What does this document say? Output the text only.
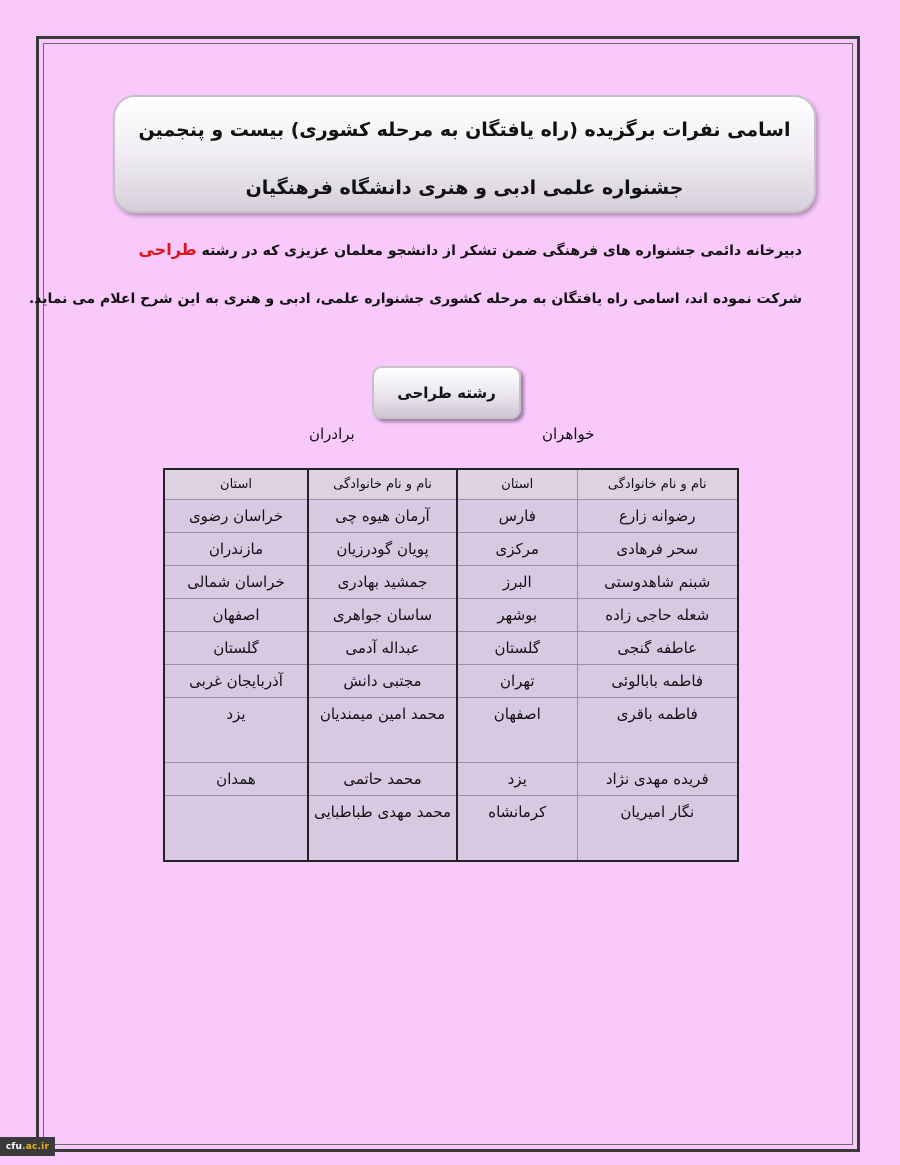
اسامی نفرات برگزیده (راه یافتگان به مرحله کشوری) بیست و پنجمین
جشنواره علمی ادبی و هنری دانشگاه فرهنگیان
دبیرخانه دائمی جشنواره های فرهنگی ضمن تشکر از دانشجو معلمان عزیزی که در رشته طراحی
شرکت نموده اند، اسامی راه یافتگان به مرحله کشوری جشنواره علمی، ادبی و هنری به این شرح اعلام می نماید.
رشته طراحی
خواهران
برادران
نام و نام خانوادگی	استان	نام و نام خانوادگی	استان
رضوانه زارع	فارس	آرمان هیوه چی	خراسان رضوی
سحر فرهادی	مرکزی	پویان گودرزیان	مازندران
شبنم شاهدوستی	البرز	جمشید بهادری	خراسان شمالی
شعله حاجی زاده	بوشهر	ساسان جواهری	اصفهان
عاطفه گنجی	گلستان	عبداله آدمی	گلستان
فاطمه بابالوئی	تهران	مجتبی دانش	آذربایجان غربی
فاطمه باقری	اصفهان	محمد امین میمندیان	یزد
فریده مهدی نژاد	یزد	محمد حاتمی	همدان
نگار امیریان	کرمانشاه	محمد مهدی طباطبایی	
cfu .ac.ir
